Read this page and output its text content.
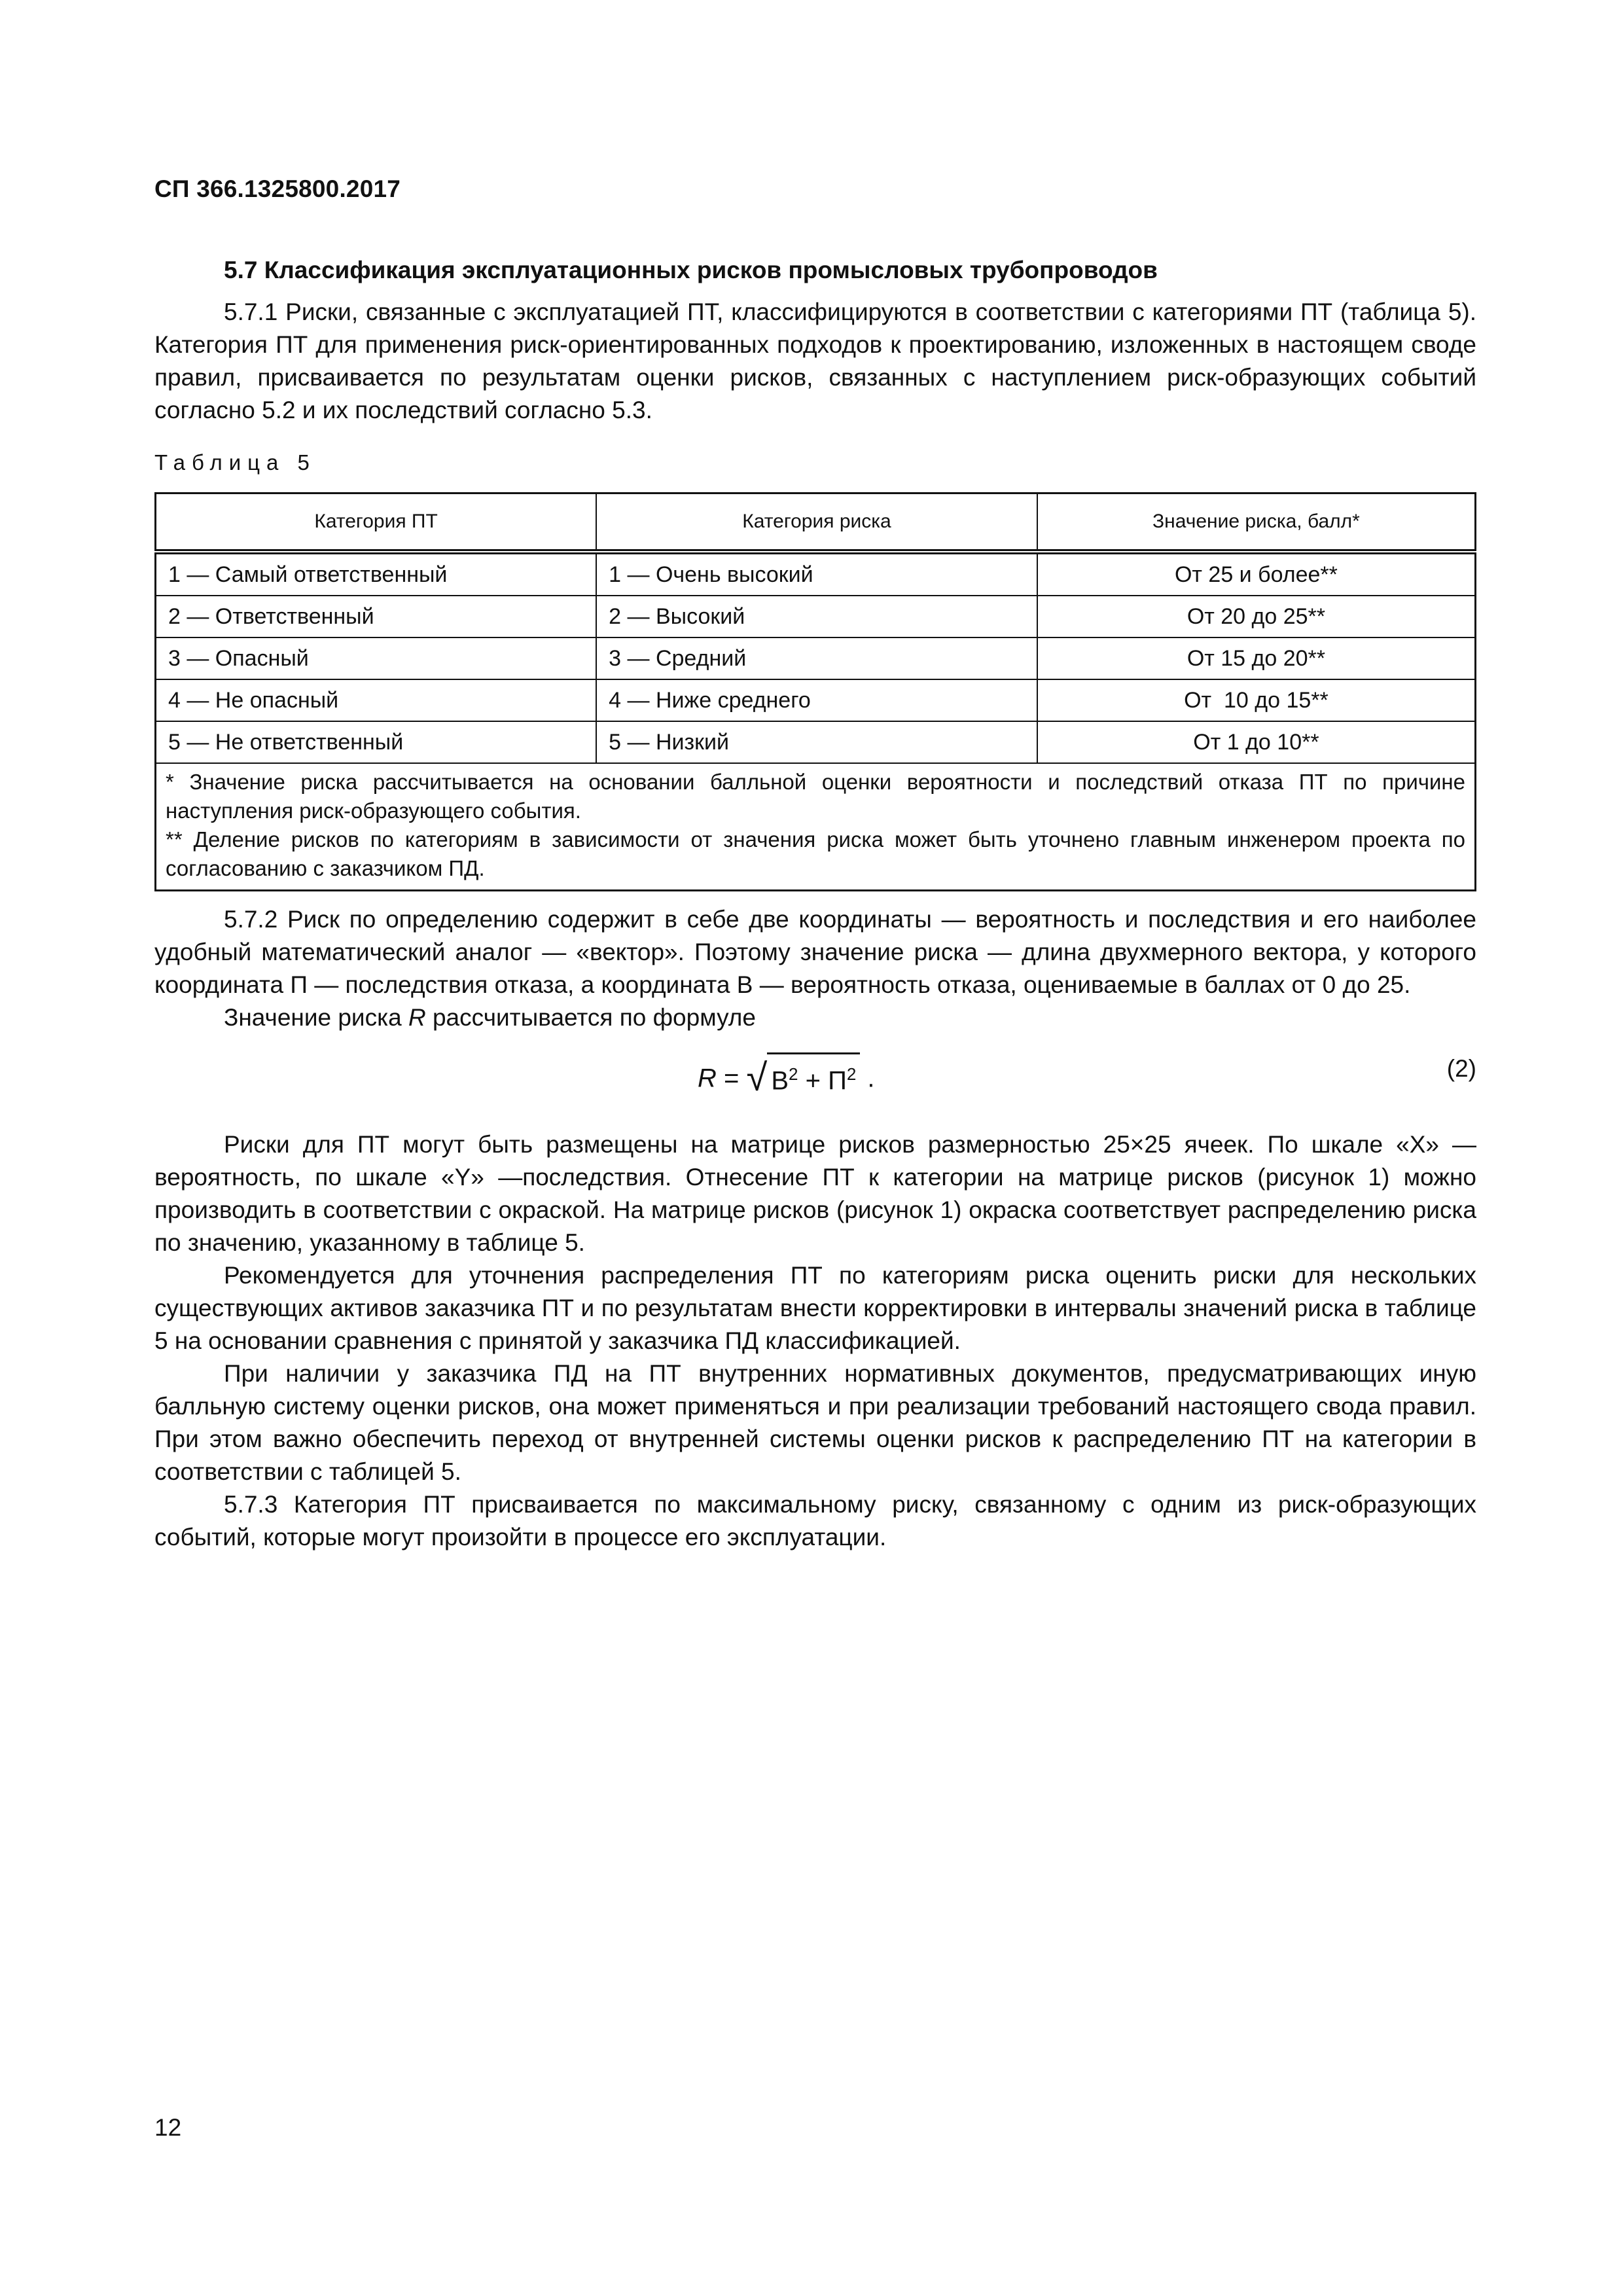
СП 366.1325800.2017
5.7 Классификация эксплуатационных рисков промысловых трубопроводов

5.7.1 Риски, связанные с эксплуатацией ПТ, классифицируются в соответствии с категориями ПТ (таблица 5). Категория ПТ для применения риск-ориентированных подходов к проектированию, изложенных в настоящем своде правил, присваивается по результатам оценки рисков, связанных с наступлением риск-образующих событий согласно 5.2 и их последствий согласно 5.3.

Таблица 5
Категория ПТ	Категория риска	Значение риска, балл*
1 — Самый ответственный	1 — Очень высокий	От 25 и более**
2 — Ответственный	2 — Высокий	От 20 до 25**
3 — Опасный	3 — Средний	От 15 до 20**
4 — Не опасный	4 — Ниже среднего	От  10 до 15**
5 — Не ответственный	5 — Низкий	От 1 до 10**

* Значение риска рассчитывается на основании балльной оценки вероятности и последствий отказа ПТ по причине наступления риск-образующего события.
** Деление рисков по категориям в зависимости от значения риска может быть уточнено главным инженером проекта по согласованию с заказчиком ПД.		

5.7.2 Риск по определению содержит в себе две координаты — вероятность и последствия и его наиболее удобный математический аналог — «вектор». Поэтому значение риска — длина двухмерного вектора, у которого координата П — последствия отказа, а координата В — вероятность отказа, оцениваемые в баллах от 0 до 25.

Значение риска R рассчитывается по формуле

R = √ $В^2 + П^2$ .	(2)

Риски для ПТ могут быть размещены на матрице рисков размерностью 25×25 ячеек. По шкале «X» — вероятность, по шкале «Y» —последствия. Отнесение ПТ к категории на матрице рисков (рисунок 1) можно производить в соответствии с окраской. На матрице рисков (рисунок 1) окраска соответствует распределению риска по значению, указанному в таблице 5.

Рекомендуется для уточнения распределения ПТ по категориям риска оценить риски для нескольких существующих активов заказчика ПТ и по результатам внести корректировки в интервалы значений риска в таблице 5 на основании сравнения с принятой у заказчика ПД классификацией.

При наличии у заказчика ПД на ПТ внутренних нормативных документов, предусматривающих иную балльную систему оценки рисков, она может применяться и при реализации требований настоящего свода правил. При этом важно обеспечить переход от внутренней системы оценки рисков к распределению ПТ на категории в соответствии с таблицей 5.

5.7.3 Категория ПТ присваивается по максимальному риску, связанному с одним из риск-образующих событий, которые могут произойти в процессе его эксплуатации.

12
